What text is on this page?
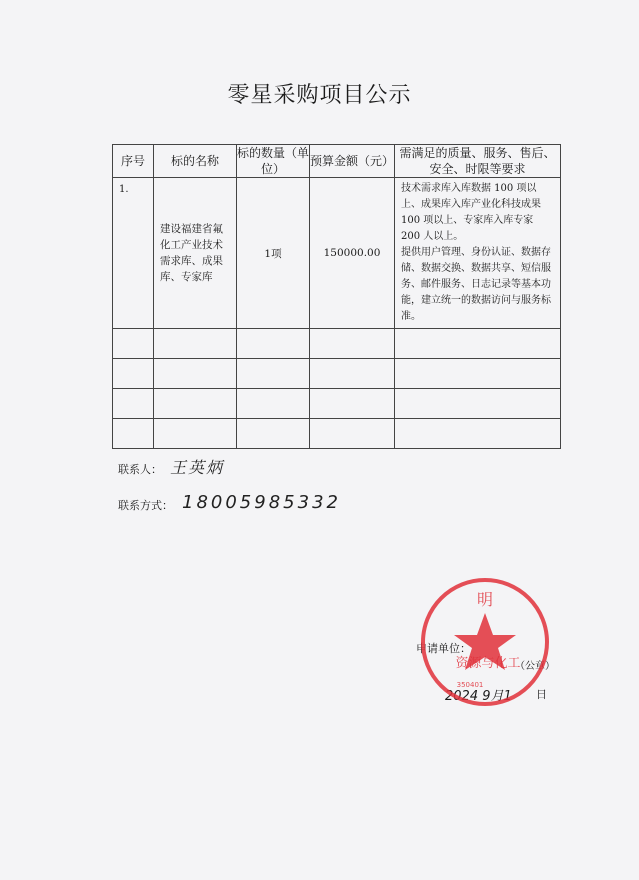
零星采购项目公示
序号	标的名称	标的数量（单位）	预算金额（元）	需满足的质量、服务、售后、安全、时限等要求
1.	建设福建省氟化工产业技术需求库、成果库、专家库	1项	150000.00	技术需求库入库数据 100 项以上、成果库入库产业化科技成果 100 项以上、专家库入库专家 200 人以上。
提供用户管理、身份认证、数据存储、数据交换、数据共享、短信服务、邮件服务、日志记录等基本功能，建立统一的数据访问与服务标准。

联系人： 王英炳
联系方式： 18005985332
申请单位：
（公章）
2024 9月1 日
明
资源与化工
350401
